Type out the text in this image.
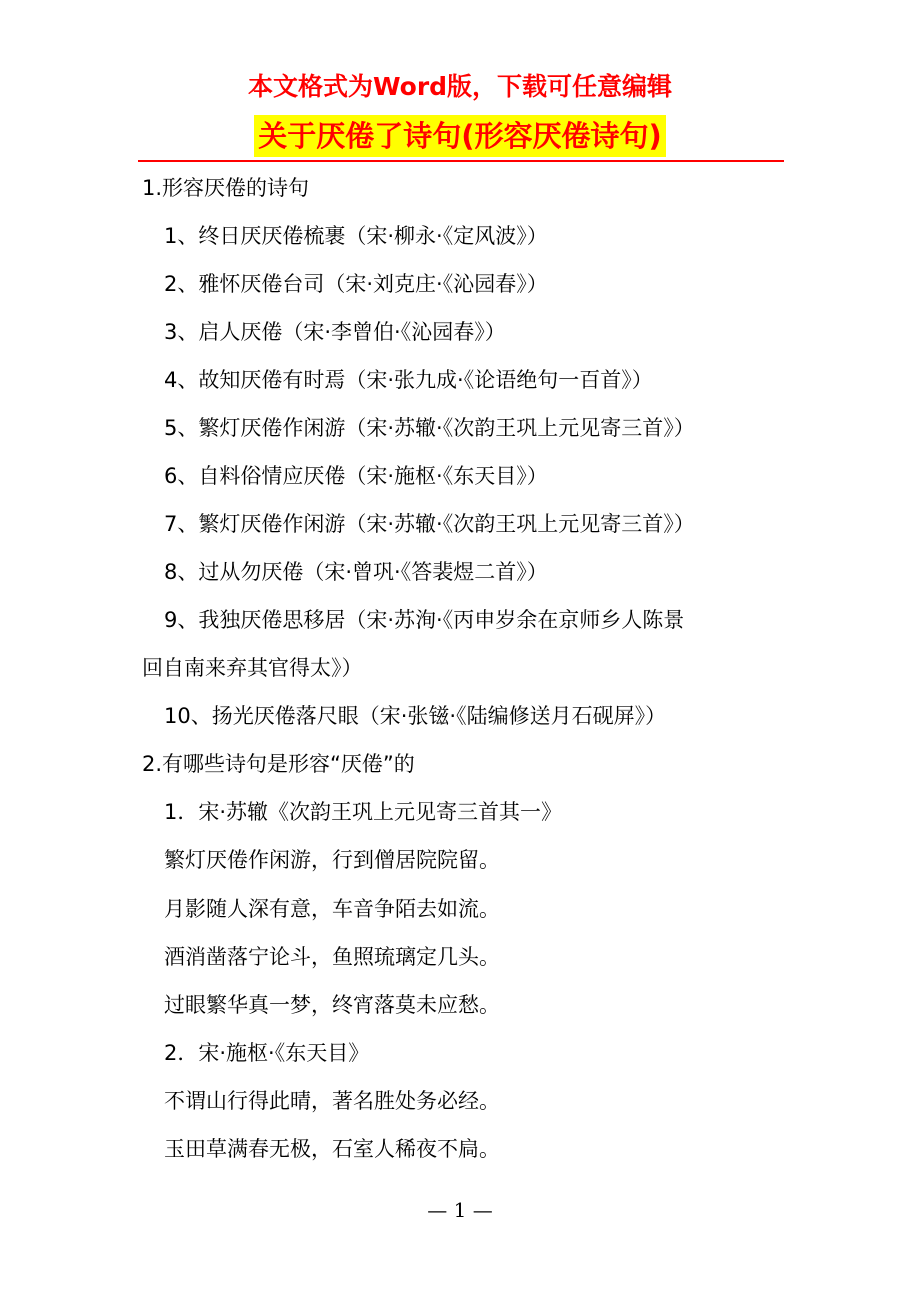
本文格式为Word版，下载可任意编辑
关于厌倦了诗句(形容厌倦诗句)
1.形容厌倦的诗句
1、终日厌厌倦梳裹（宋·柳永·《定风波》）
2、雅怀厌倦台司（宋·刘克庄·《沁园春》）
3、启人厌倦（宋·李曾伯·《沁园春》）
4、故知厌倦有时焉（宋·张九成·《论语绝句一百首》）
5、繁灯厌倦作闲游（宋·苏辙·《次韵王巩上元见寄三首》）
6、自料俗情应厌倦（宋·施枢·《东天目》）
7、繁灯厌倦作闲游（宋·苏辙·《次韵王巩上元见寄三首》）
8、过从勿厌倦（宋·曾巩·《答裴煜二首》）
9、我独厌倦思移居（宋·苏洵·《丙申岁余在京师乡人陈景
回自南来弃其官得太》）
10、扬光厌倦落尺眼（宋·张镃·《陆编修送月石砚屏》）
2.有哪些诗句是形容“厌倦”的
1．宋·苏辙《次韵王巩上元见寄三首其一》
繁灯厌倦作闲游，行到僧居院院留。
月影随人深有意，车音争陌去如流。
酒消凿落宁论斗，鱼照琉璃定几头。
过眼繁华真一梦，终宵落莫未应愁。
2．宋·施枢·《东天目》
不谓山行得此晴，著名胜处务必经。
玉田草满春无极，石室人稀夜不扃。
— 1 —
